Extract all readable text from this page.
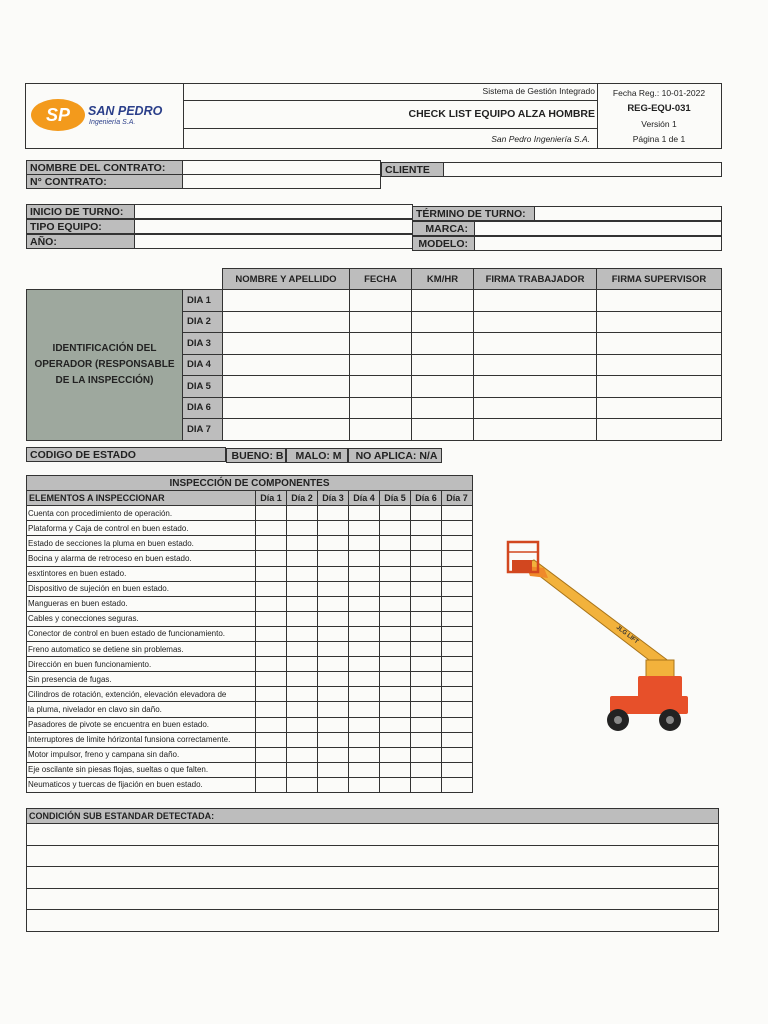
SP SAN PEDRO
Ingeniería S.A.
Sistema de Gestión Integrado
CHECK LIST EQUIPO ALZA HOMBRE
San Pedro Ingeniería S.A.
Fecha Reg.: 10-01-2022
REG-EQU-031
Versión 1
Página 1 de 1
NOMBRE DEL CONTRATO:	CLIENTE
N° CONTRATO:
INICIO DE TURNO:	TÉRMINO DE TURNO:
TIPO EQUIPO:	MARCA:
AÑO:	MODELO:
		NOMBRE Y APELLIDO	FECHA	KM/HR	FIRMA TRABAJADOR	FIRMA SUPERVISOR
IDENTIFICACIÓN DEL OPERADOR (RESPONSABLE DE LA INSPECCIÓN)	DIA 1					
	DIA 2					
	DIA 3					
	DIA 4					
	DIA 5					
	DIA 6					
	DIA 7					
CODIGO DE ESTADO	BUENO: B	MALO: M	NO APLICA: N/A
INSPECCIÓN DE COMPONENTES							
ELEMENTOS A INSPECCIONAR	Día 1	Día 2	Día 3	Día 4	Día 5	Día 6	Día 7
Cuenta con procedimiento de operación.							
Plataforma y Caja de control en buen estado.							
Estado de secciones la pluma en buen estado.							
Bocina y alarma de retroceso en buen estado.							
esxtintores en buen estado.							
Dispositivo de sujeción en buen estado.							
Mangueras en buen estado.							
Cables y conecciones seguras.							
Conector de control en buen estado de funcionamiento.							
Freno automatico se detiene sin problemas.							
Dirección en buen funcionamiento.							
Sin presencia de fugas.							
Cilindros de rotación, extención, elevación elevadora de							
la pluma, nivelador en clavo sin daño.							
Pasadores de pivote se encuentra en buen estado.							
Interruptores de limite hórizontal funsiona correctamente.							
Motor impulsor, freno y campana sin daño.							
Eje oscilante sin piesas flojas, sueltas o que falten.							
Neumaticos y tuercas de fijación en buen estado.							
JLG LIFT
CONDICIÓN SUB ESTANDAR DETECTADA:
